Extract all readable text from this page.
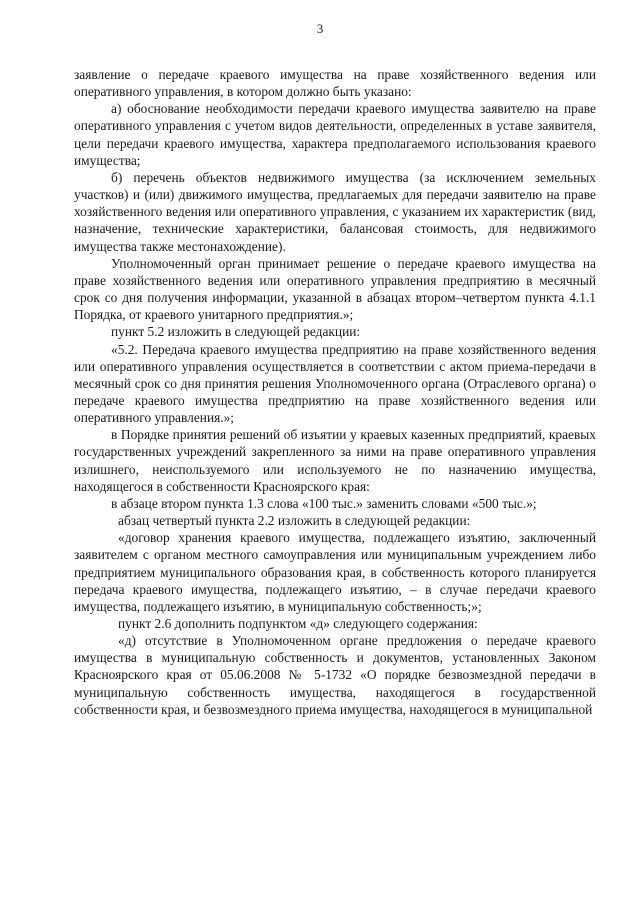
3

заявление о передаче краевого имущества на праве хозяйственного ведения или оперативного управления, в котором должно быть указано:

а) обоснование необходимости передачи краевого имущества заявителю на праве оперативного управления с учетом видов деятельности, определенных в уставе заявителя, цели передачи краевого имущества, характера предполагаемого использования краевого имущества;

б) перечень объектов недвижимого имущества (за исключением земельных участков) и (или) движимого имущества, предлагаемых для передачи заявителю на праве хозяйственного ведения или оперативного управления, с указанием их характеристик (вид, назначение, технические характеристики, балансовая стоимость, для недвижимого имущества также местонахождение).

Уполномоченный орган принимает решение о передаче краевого имущества на праве хозяйственного ведения или оперативного управления предприятию в месячный срок со дня получения информации, указанной в абзацах втором–четвертом пункта 4.1.1 Порядка, от краевого унитарного предприятия.»;

пункт 5.2 изложить в следующей редакции:

«5.2. Передача краевого имущества предприятию на праве хозяйственного ведения или оперативного управления осуществляется в соответствии с актом приема-передачи в месячный срок со дня принятия решения Уполномоченного органа (Отраслевого органа) о передаче краевого имущества предприятию на праве хозяйственного ведения или оперативного управления.»;

в Порядке принятия решений об изъятии у краевых казенных предприятий, краевых государственных учреждений закрепленного за ними на праве оперативного управления излишнего, неиспользуемого или используемого не по назначению имущества, находящегося в собственности Красноярского края:

в абзаце втором пункта 1.3 слова «100 тыс.» заменить словами «500 тыс.»;

абзац четвертый пункта 2.2 изложить в следующей редакции:

«договор хранения краевого имущества, подлежащего изъятию, заключенный заявителем с органом местного самоуправления или муниципальным учреждением либо предприятием муниципального образования края, в собственность которого планируется передача краевого имущества, подлежащего изъятию, – в случае передачи краевого имущества, подлежащего изъятию, в муниципальную собственность;»;

пункт 2.6 дополнить подпунктом «д» следующего содержания:

«д) отсутствие в Уполномоченном органе предложения о передаче краевого имущества в муниципальную собственность и документов, установленных Законом Красноярского края от 05.06.2008 № 5-1732 «О порядке безвозмездной передачи в муниципальную собственность имущества, находящегося в государственной собственности края, и безвозмездного приема имущества, находящегося в муниципальной
